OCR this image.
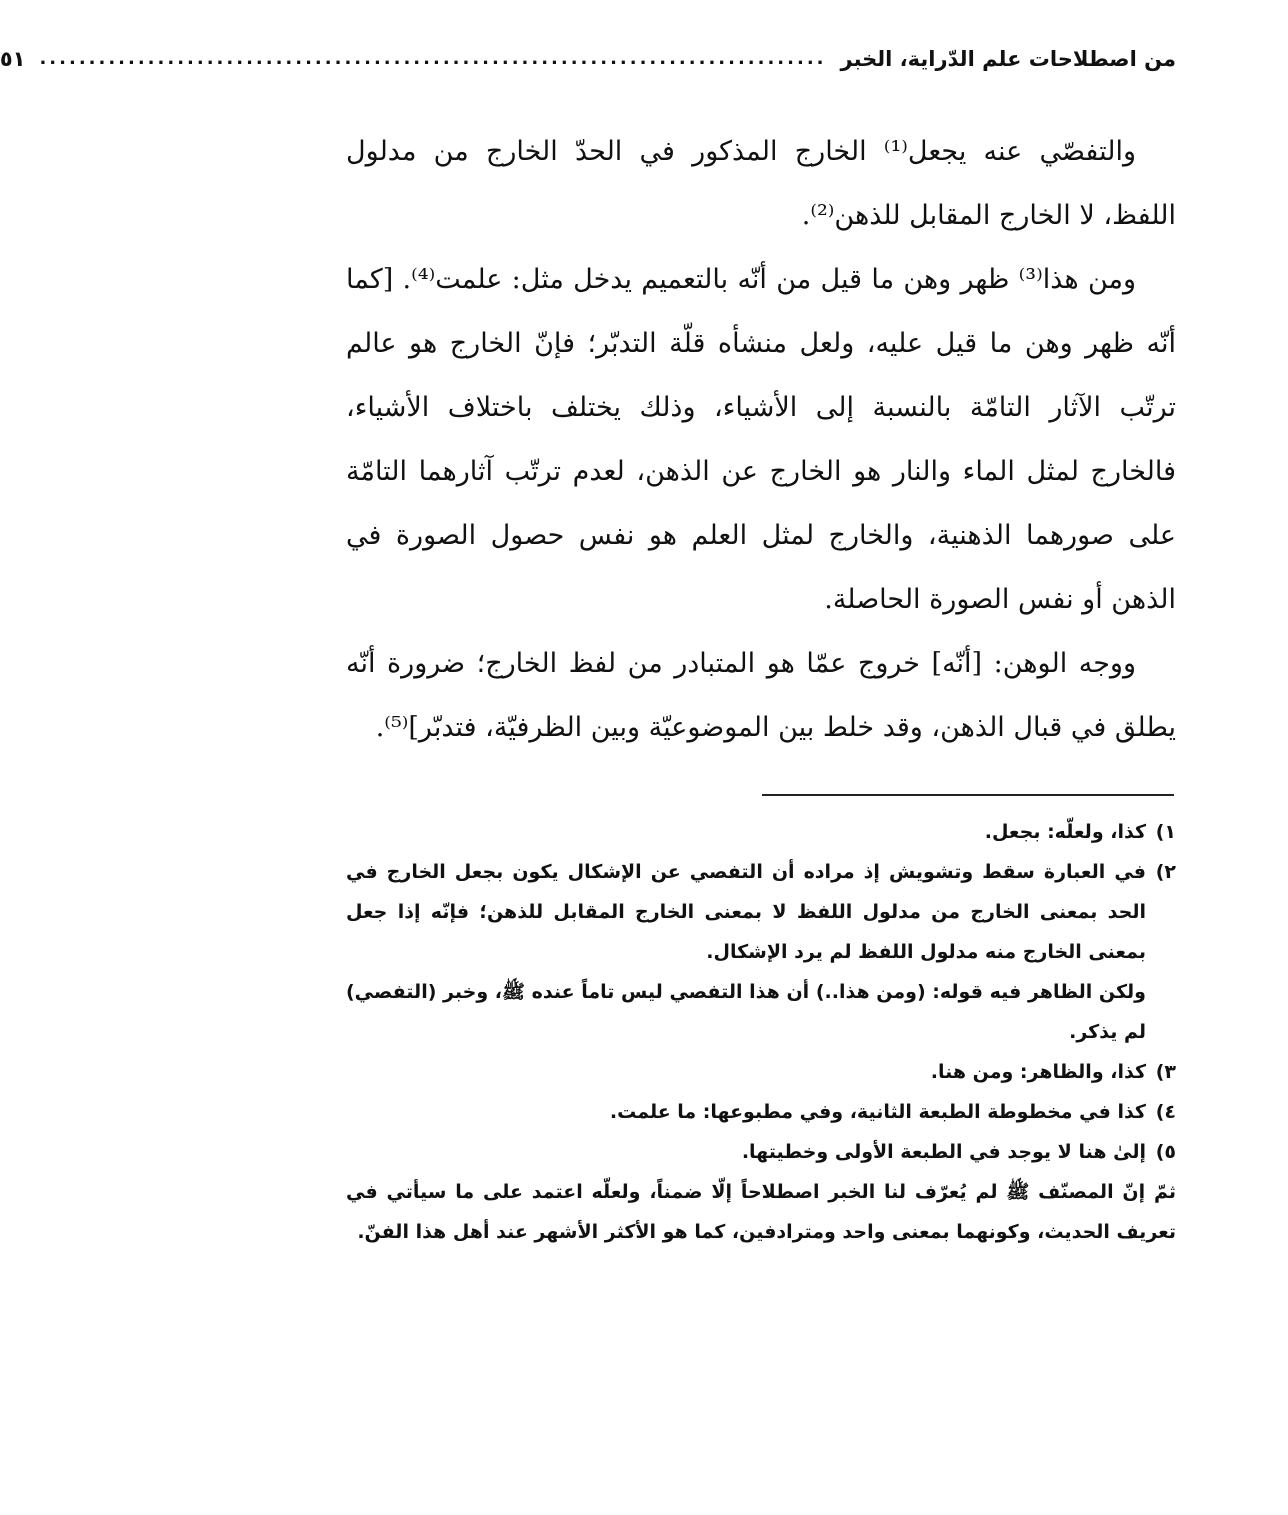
من اصطلاحات علم الدّراية، الخبر
................................................................................
٥١

والتفصّي عنه يجعل⁽¹⁾ الخارج المذكور في الحدّ الخارج من مدلول اللفظ، لا الخارج المقابل للذهن⁽²⁾.

ومن هذا⁽³⁾ ظهر وهن ما قيل من أنّه بالتعميم يدخل مثل: علمت⁽⁴⁾. [كما أنّه ظهر وهن ما قيل عليه، ولعل منشأه قلّة التدبّر؛ فإنّ الخارج هو عالم ترتّب الآثار التامّة بالنسبة إلى الأشياء، وذلك يختلف باختلاف الأشياء، فالخارج لمثل الماء والنار هو الخارج عن الذهن، لعدم ترتّب آثارهما التامّة على صورهما الذهنية، والخارج لمثل العلم هو نفس حصول الصورة في الذهن أو نفس الصورة الحاصلة.

ووجه الوهن: [أنّه] خروج عمّا هو المتبادر من لفظ الخارج؛ ضرورة أنّه يطلق في قبال الذهن، وقد خلط بين الموضوعيّة وبين الظرفيّة، فتدبّر]⁽⁵⁾.

١)

كذا، ولعلّه: بجعل.

٢)

في العبارة سقط وتشويش إذ مراده أن التفصي عن الإشكال يكون بجعل الخارج في الحد بمعنى الخارج من مدلول اللفظ لا بمعنى الخارج المقابل للذهن؛ فإنّه إذا جعل بمعنى الخارج منه مدلول اللفظ لم يرد الإشكال.

ولكن الظاهر فيه قوله: (ومن هذا..) أن هذا التفصي ليس تاماً عنده ﷺ، وخبر (التفصي) لم يذكر.

٣)

كذا، والظاهر: ومن هنا.

٤)

كذا في مخطوطة الطبعة الثانية، وفي مطبوعها: ما علمت.

٥)

إلىٰ هنا لا يوجد في الطبعة الأولى وخطيتها.

ثمّ إنّ المصنّف ﷺ لم يُعرّف لنا الخبر اصطلاحاً إلّا ضمناً، ولعلّه اعتمد على ما سيأتي في تعريف الحديث، وكونهما بمعنى واحد ومترادفين، كما هو الأكثر الأشهر عند أهل هذا الفنّ.
